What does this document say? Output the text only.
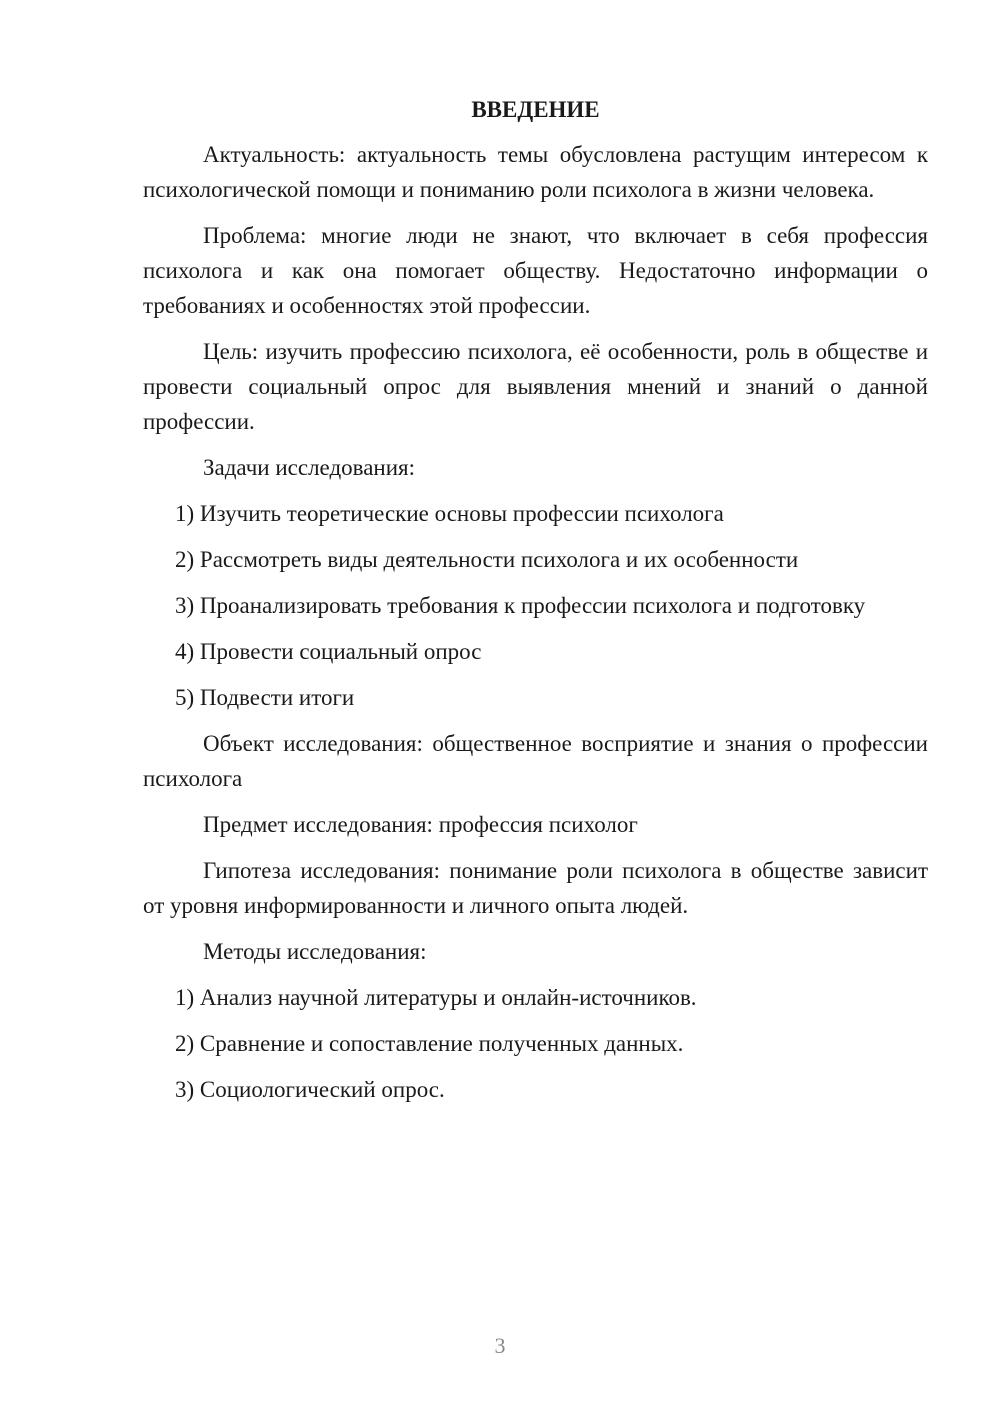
ВВЕДЕНИЕ

Актуальность: актуальность темы обусловлена растущим интересом к психологической помощи и пониманию роли психолога в жизни человека.

Проблема: многие люди не знают, что включает в себя профессия психолога и как она помогает обществу. Недостаточно информации о требованиях и особенностях этой профессии.

Цель: изучить профессию психолога, её особенности, роль в обществе и провести социальный опрос для выявления мнений и знаний о данной профессии.

Задачи исследования:

1) Изучить теоретические основы профессии психолога

2) Рассмотреть виды деятельности психолога и их особенности

3) Проанализировать требования к профессии психолога и подготовку

4) Провести социальный опрос

5) Подвести итоги

Объект исследования: общественное восприятие и знания о профессии психолога

Предмет исследования: профессия психолог

Гипотеза исследования: понимание роли психолога в обществе зависит от уровня информированности и личного опыта людей.

Методы исследования:

1) Анализ научной литературы и онлайн-источников.

2) Сравнение и сопоставление полученных данных.

3) Социологический опрос.

3
